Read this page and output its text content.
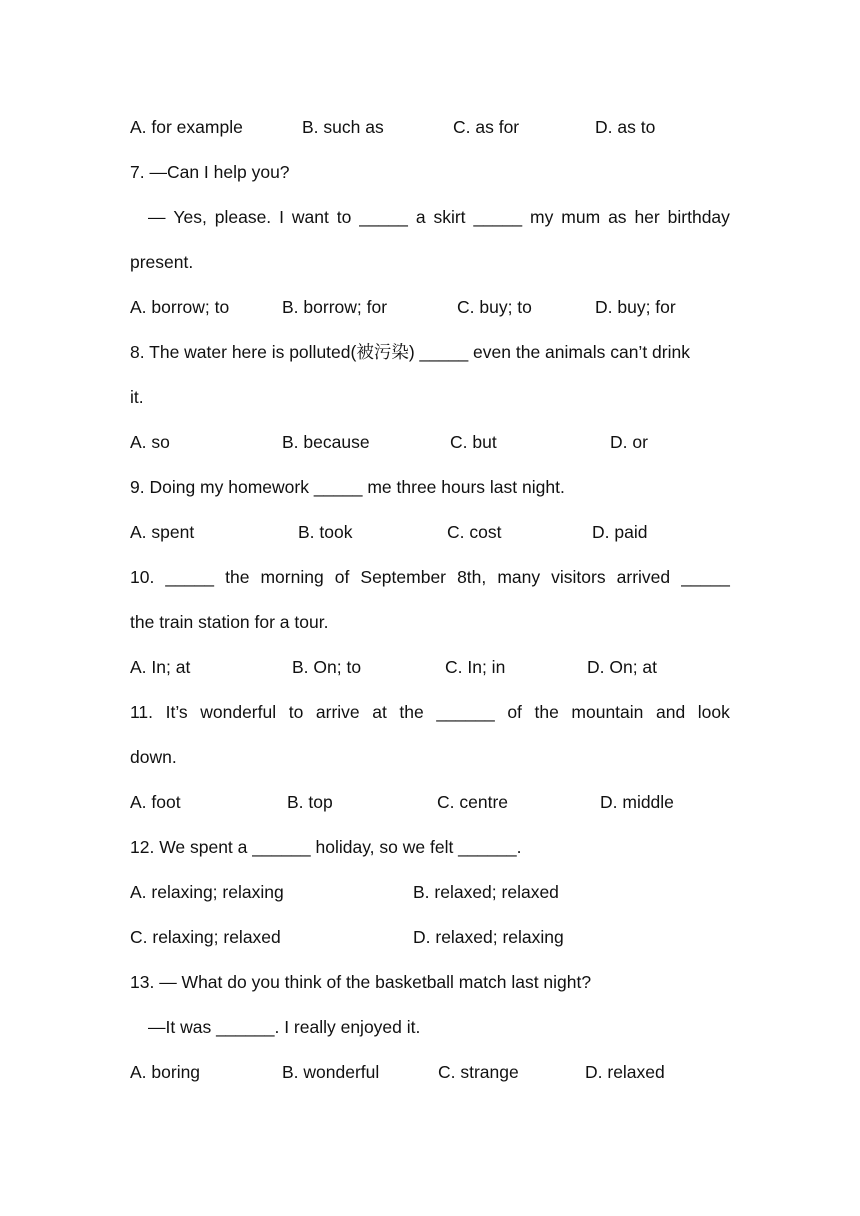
A. for example	B. such as	C. as for	D. as to
7. —Can I help you?
— Yes, please. I want to _____ a skirt _____ my mum as her birthday
present.
A. borrow; to	B. borrow; for	C. buy; to	D. buy; for
8. The water here is polluted(被污染) _____ even the animals can’t drink
it.
A. so	B. because	C. but	D. or
9. Doing my homework _____ me three hours last night.
A. spent	B. took	C. cost	D. paid
10. _____ the morning of September 8th, many visitors arrived _____
the train station for a tour.
A. In; at	B. On; to	C. In; in	D. On; at
11. It’s wonderful to arrive at the ______ of the mountain and look
down.
A. foot	B. top	C. centre	D. middle
12. We spent a ______ holiday, so we felt ______.
A. relaxing; relaxing	B. relaxed; relaxed
C. relaxing; relaxed	D. relaxed; relaxing
13. — What do you think of the basketball match last night?
—It was ______. I really enjoyed it.
A. boring	B. wonderful	C. strange	D. relaxed
